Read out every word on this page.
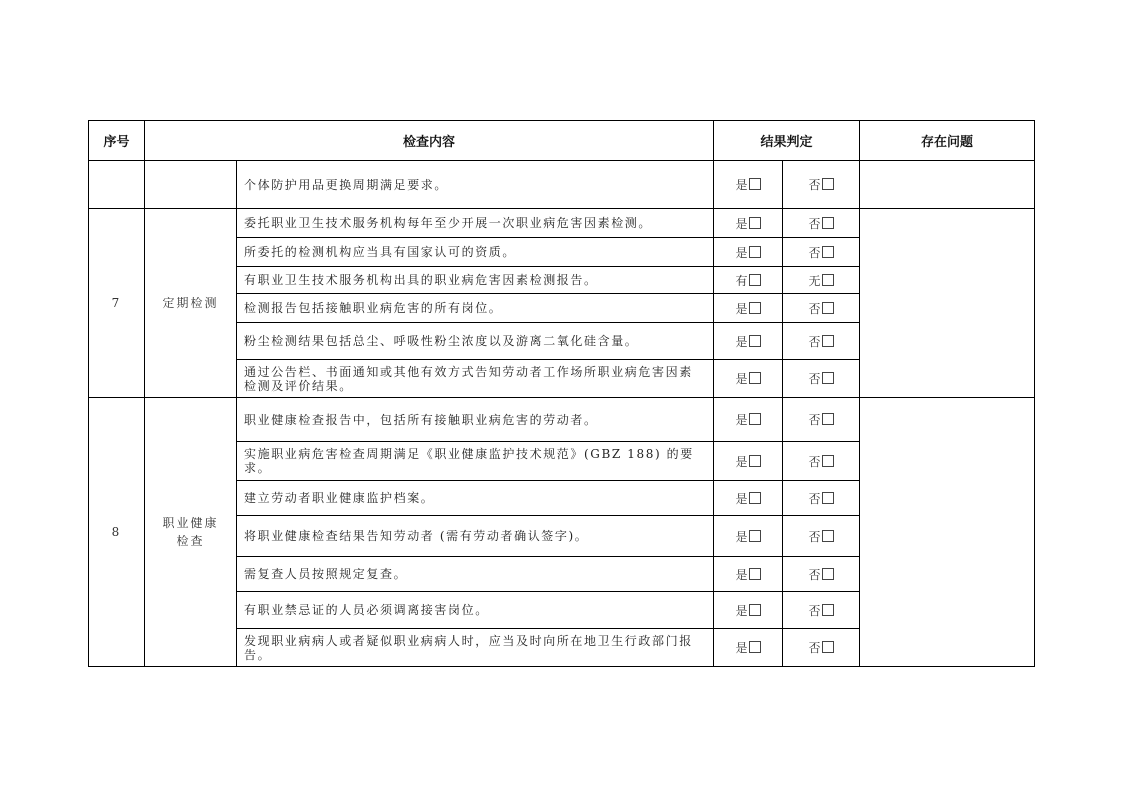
序号	检查内容		结果判定		存在问题
		个体防护用品更换周期满足要求。	是	否	
7	定期检测	委托职业卫生技术服务机构每年至少开展一次职业病危害因素检测。	是	否	
		所委托的检测机构应当具有国家认可的资质。	是	否	
		有职业卫生技术服务机构出具的职业病危害因素检测报告。	有	无	
		检测报告包括接触职业病危害的所有岗位。	是	否	
		粉尘检测结果包括总尘、呼吸性粉尘浓度以及游离二氧化硅含量。	是	否	
		通过公告栏、书面通知或其他有效方式告知劳动者工作场所职业病危害因素检测及评价结果。	是	否	
8	职业健康检查	职业健康检查报告中，包括所有接触职业病危害的劳动者。	是	否	
		实施职业病危害检查周期满足《职业健康监护技术规范》(GBZ 188) 的要求。	是	否	
		建立劳动者职业健康监护档案。	是	否	
		将职业健康检查结果告知劳动者 (需有劳动者确认签字)。	是	否	
		需复查人员按照规定复查。	是	否	
		有职业禁忌证的人员必须调离接害岗位。	是	否	
		发现职业病病人或者疑似职业病病人时，应当及时向所在地卫生行政部门报告。	是	否	
